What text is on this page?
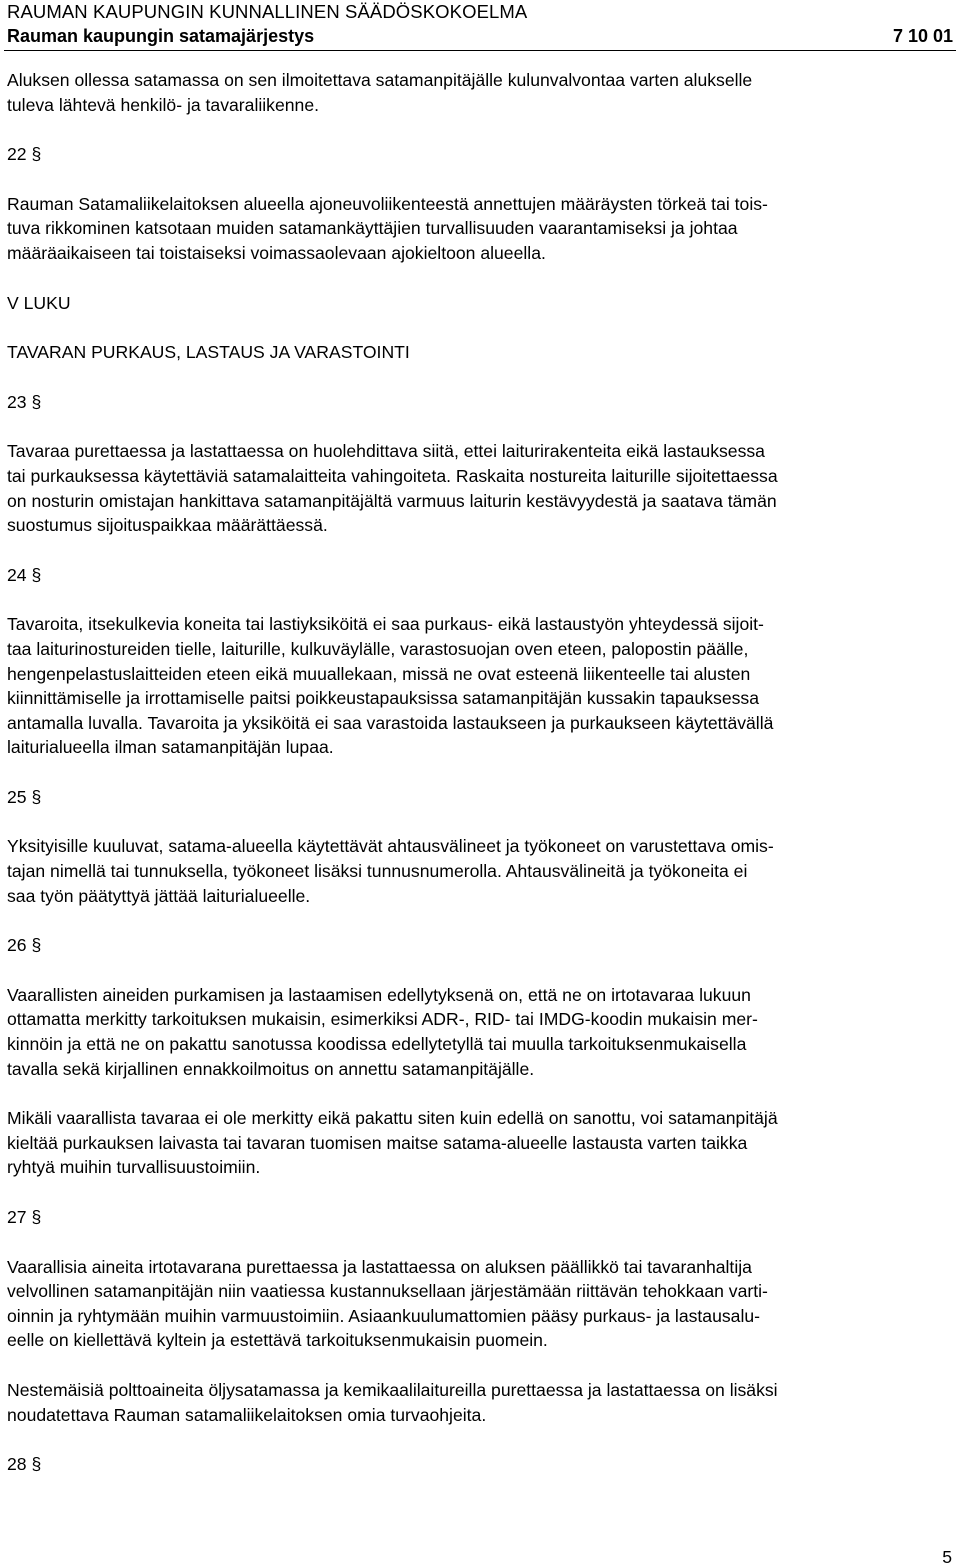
RAUMAN KAUPUNGIN KUNNALLINEN SÄÄDÖSKOKOELMA
Rauman kaupungin satamajärjestys	7 10 01
Aluksen ollessa satamassa on sen ilmoitettava satamanpitäjälle kulunvalvontaa varten alukselle
tuleva lähtevä henkilö- ja tavaraliikenne.
22 §
Rauman Satamaliikelaitoksen alueella ajoneuvoliikenteestä annettujen määräysten törkeä tai tois-
tuva rikkominen katsotaan muiden satamankäyttäjien turvallisuuden vaarantamiseksi ja johtaa
määräaikaiseen tai toistaiseksi voimassaolevaan ajokieltoon alueella.
V LUKU
TAVARAN PURKAUS, LASTAUS JA VARASTOINTI
23 §
Tavaraa purettaessa ja lastattaessa on huolehdittava siitä, ettei laiturirakenteita eikä lastauksessa
tai purkauksessa käytettäviä satamalaitteita vahingoiteta. Raskaita nostureita laiturille sijoitettaessa
on nosturin omistajan hankittava satamanpitäjältä varmuus laiturin kestävyydestä ja saatava tämän
suostumus sijoituspaikkaa määrättäessä.
24 §
Tavaroita, itsekulkevia koneita tai lastiyksiköitä ei saa purkaus- eikä lastaustyön yhteydessä sijoit-
taa laiturinostureiden tielle, laiturille, kulkuväylälle, varastosuojan oven eteen, palopostin päälle,
hengenpelastuslaitteiden eteen eikä muuallekaan, missä ne ovat esteenä liikenteelle tai alusten
kiinnittämiselle ja irrottamiselle paitsi poikkeustapauksissa satamanpitäjän kussakin tapauksessa
antamalla luvalla. Tavaroita ja yksiköitä ei saa varastoida lastaukseen ja purkaukseen käytettävällä
laiturialueella ilman satamanpitäjän lupaa.
25 §
Yksityisille kuuluvat, satama-alueella käytettävät ahtausvälineet ja työkoneet on varustettava omis-
tajan nimellä tai tunnuksella, työkoneet lisäksi tunnusnumerolla. Ahtausvälineitä ja työkoneita ei
saa työn päätyttyä jättää laiturialueelle.
26 §
Vaarallisten aineiden purkamisen ja lastaamisen edellytyksenä on, että ne on irtotavaraa lukuun
ottamatta merkitty tarkoituksen mukaisin, esimerkiksi ADR-, RID- tai IMDG-koodin mukaisin mer-
kinnöin ja että ne on pakattu sanotussa koodissa edellytetyllä tai muulla tarkoituksenmukaisella
tavalla sekä kirjallinen ennakkoilmoitus on annettu satamanpitäjälle.
Mikäli vaarallista tavaraa ei ole merkitty eikä pakattu siten kuin edellä on sanottu, voi satamanpitäjä
kieltää purkauksen laivasta tai tavaran tuomisen maitse satama-alueelle lastausta varten taikka
ryhtyä muihin turvallisuustoimiin.
27 §
Vaarallisia aineita irtotavarana purettaessa ja lastattaessa on aluksen päällikkö tai tavaranhaltija
velvollinen satamanpitäjän niin vaatiessa kustannuksellaan järjestämään riittävän tehokkaan varti-
oinnin ja ryhtymään muihin varmuustoimiin. Asiaankuulumattomien pääsy purkaus- ja lastausalu-
eelle on kiellettävä kyltein ja estettävä tarkoituksenmukaisin puomein.
Nestemäisiä polttoaineita öljysatamassa ja kemikaalilaitureilla purettaessa ja lastattaessa on lisäksi
noudatettava Rauman satamaliikelaitoksen omia turvaohjeita.
28 §
5
